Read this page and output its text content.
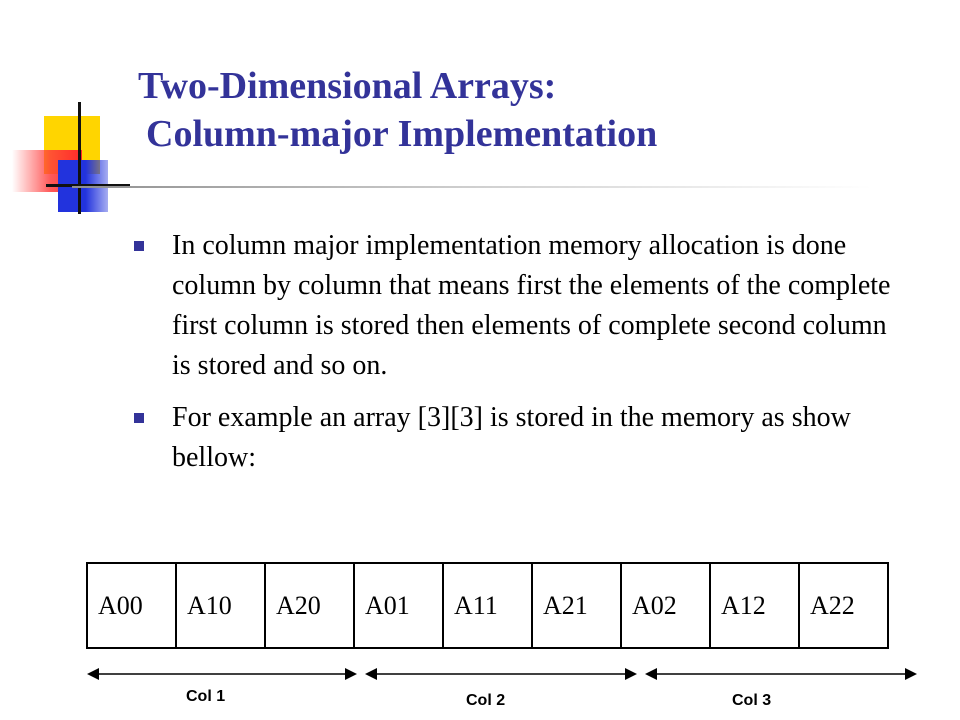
Two-Dimensional Arrays:
Column-major Implementation
In column major implementation memory allocation is done column by column that means first the elements of the complete first column is stored then elements of complete second column is stored and so on.
For example an array [3][3] is stored in the memory as show bellow:
A00	A10	A20	A01	A11	A21	A02	A12	A22
Col 1	Col 2	Col 3
